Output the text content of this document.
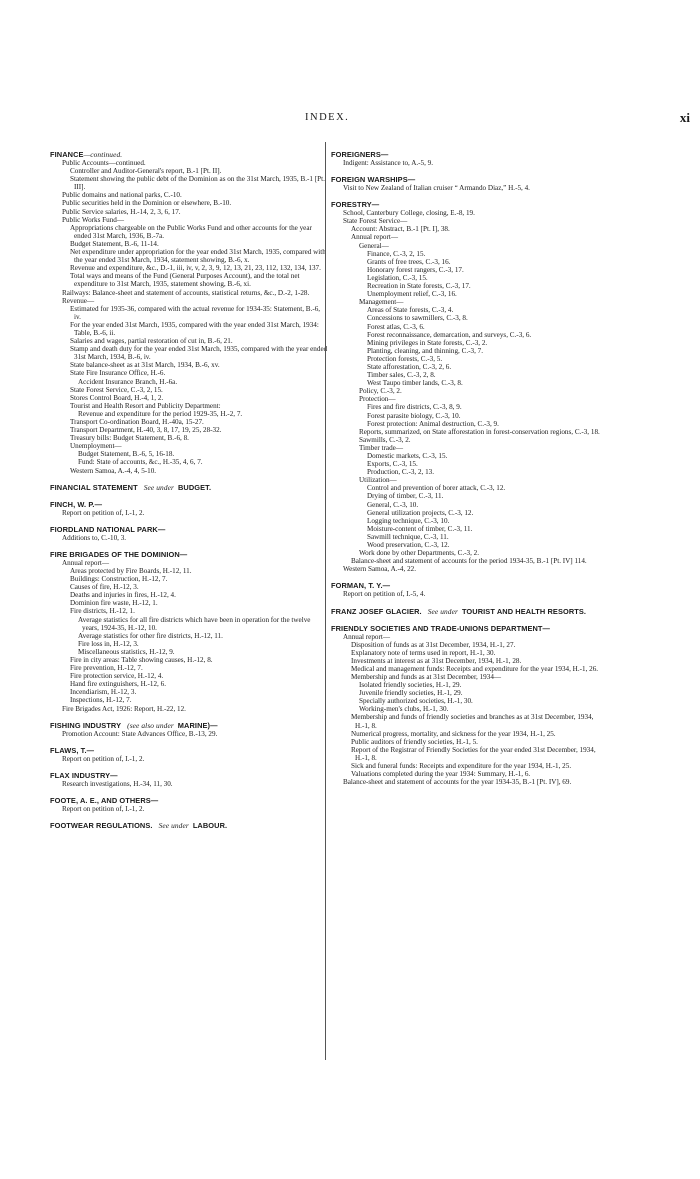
INDEX.	xi
FINANCE—continued.
Public Accounts—continued.
Controller and Auditor-General's report, B.-1 [Pt. II].
Statement showing the public debt of the Dominion as on the 31st March, 1935, B.-1 [Pt. III].
Public domains and national parks, C.-10.
Public securities held in the Dominion or elsewhere, B.-10.
Public Service salaries, H.-14, 2, 3, 6, 17.
Public Works Fund—
Appropriations chargeable on the Public Works Fund and other accounts for the year ended 31st March, 1936, B.-7a.
Budget Statement, B.-6, 11-14.
Net expenditure under appropriation for the year ended 31st March, 1935, compared with the year ended 31st March, 1934, statement showing, B.-6, x.
Revenue and expenditure, &c., D.-1, iii, iv, v, 2, 3, 9, 12, 13, 21, 23, 112, 132, 134, 137.
Total ways and means of the Fund (General Purposes Account), and the total net expenditure to 31st March, 1935, statement showing, B.-6, xi.
Railways: Balance-sheet and statement of accounts, statistical returns, &c., D.-2, 1-28.
Revenue—
Estimated for 1935-36, compared with the actual revenue for 1934-35: Statement, B.-6, iv.
For the year ended 31st March, 1935, compared with the year ended 31st March, 1934: Table, B.-6, ii.
Salaries and wages, partial restoration of cut in, B.-6, 21.
Stamp and death duty for the year ended 31st March, 1935, compared with the year ended 31st March, 1934, B.-6, iv.
State balance-sheet as at 31st March, 1934, B.-6, xv.
State Fire Insurance Office, H.-6.
Accident Insurance Branch, H.-6a.
State Forest Service, C.-3, 2, 15.
Stores Control Board, H.-4, 1, 2.
Tourist and Health Resort and Publicity Department:
Revenue and expenditure for the period 1929-35, H.-2, 7.
Transport Co-ordination Board, H.-40a, 15-27.
Transport Department, H.-40, 3, 8, 17, 19, 25, 28-32.
Treasury bills: Budget Statement, B.-6, 8.
Unemployment—
Budget Statement, B.-6, 5, 16-18.
Fund: State of accounts, &c., H.-35, 4, 6, 7.
Western Samoa, A.-4, 4, 5-10.
FINANCIAL STATEMENT See under BUDGET.
FINCH, W. P.—
Report on petition of, I.-1, 2.
FIORDLAND NATIONAL PARK—
Additions to, C.-10, 3.
FIRE BRIGADES OF THE DOMINION—
Annual report—
Areas protected by Fire Boards, H.-12, 11.
Buildings: Construction, H.-12, 7.
Causes of fire, H.-12, 3.
Deaths and injuries in fires, H.-12, 4.
Dominion fire waste, H.-12, 1.
Fire districts, H.-12, 1.
Average statistics for all fire districts which have been in operation for the twelve years, 1924-35, H.-12, 10.
Average statistics for other fire districts, H.-12, 11.
Fire loss in, H.-12, 3.
Miscellaneous statistics, H.-12, 9.
Fire in city areas: Table showing causes, H.-12, 8.
Fire prevention, H.-12, 7.
Fire protection service, H.-12, 4.
Hand fire extinguishers, H.-12, 6.
Incendiarism, H.-12, 3.
Inspections, H.-12, 7.
Fire Brigades Act, 1926: Report, H.-22, 12.
FISHING INDUSTRY (see also under MARINE)—
Promotion Account: State Advances Office, B.-13, 29.
FLAWS, T.—
Report on petition of, I.-1, 2.
FLAX INDUSTRY—
Research investigations, H.-34, 11, 30.
FOOTE, A. E., AND OTHERS—
Report on petition of, I.-1, 2.
FOOTWEAR REGULATIONS. See under LABOUR.
FOREIGNERS—
Indigent: Assistance to, A.-5, 9.
FOREIGN WARSHIPS—
Visit to New Zealand of Italian cruiser “ Armando Diaz,” H.-5, 4.
FORESTRY—
School, Canterbury College, closing, E.-8, 19.
State Forest Service—
Account: Abstract, B.-1 [Pt. I], 38.
Annual report—
General—
Finance, C.-3, 2, 15.
Grants of free trees, C.-3, 16.
Honorary forest rangers, C.-3, 17.
Legislation, C.-3, 15.
Recreation in State forests, C.-3, 17.
Unemployment relief, C.-3, 16.
Management—
Areas of State forests, C.-3, 4.
Concessions to sawmillers, C.-3, 8.
Forest atlas, C.-3, 6.
Forest reconnaissance, demarcation, and surveys, C.-3, 6.
Mining privileges in State forests, C.-3, 2.
Planting, cleaning, and thinning, C.-3, 7.
Protection forests, C.-3, 5.
State afforestation, C.-3, 2, 6.
Timber sales, C.-3, 2, 8.
West Taupo timber lands, C.-3, 8.
Policy, C.-3, 2.
Protection—
Fires and fire districts, C.-3, 8, 9.
Forest parasite biology, C.-3, 10.
Forest protection: Animal destruction, C.-3, 9.
Reports, summarized, on State afforestation in forest-conservation regions, C.-3, 18.
Sawmills, C.-3, 2.
Timber trade—
Domestic markets, C.-3, 15.
Exports, C.-3, 15.
Production, C.-3, 2, 13.
Utilization—
Control and prevention of borer attack, C.-3, 12.
Drying of timber, C.-3, 11.
General, C.-3, 10.
General utilization projects, C.-3, 12.
Logging technique, C.-3, 10.
Moisture-content of timber, C.-3, 11.
Sawmill technique, C.-3, 11.
Wood preservation, C.-3, 12.
Work done by other Departments, C.-3, 2.
Balance-sheet and statement of accounts for the period 1934-35, B.-1 [Pt. IV] 114.
Western Samoa, A.-4, 22.
FORMAN, T. Y.—
Report on petition of, I.-5, 4.
FRANZ JOSEF GLACIER. See under TOURIST AND HEALTH RESORTS.
FRIENDLY SOCIETIES AND TRADE-UNIONS DEPARTMENT—
Annual report—
Disposition of funds as at 31st December, 1934, H.-1, 27.
Explanatory note of terms used in report, H.-1, 30.
Investments at interest as at 31st December, 1934, H.-1, 28.
Medical and management funds: Receipts and expenditure for the year 1934, H.-1, 26.
Membership and funds as at 31st December, 1934—
Isolated friendly societies, H.-1, 29.
Juvenile friendly societies, H.-1, 29.
Specially authorized societies, H.-1, 30.
Working-men's clubs, H.-1, 30.
Membership and funds of friendly societies and branches as at 31st December, 1934, H.-1, 8.
Numerical progress, mortality, and sickness for the year 1934, H.-1, 25.
Public auditors of friendly societies, H.-1, 5.
Report of the Registrar of Friendly Societies for the year ended 31st December, 1934, H.-1, 8.
Sick and funeral funds: Receipts and expenditure for the year 1934, H.-1, 25.
Valuations completed during the year 1934: Summary, H.-1, 6.
Balance-sheet and statement of accounts for the year 1934-35, B.-1 [Pt. IV], 69.
